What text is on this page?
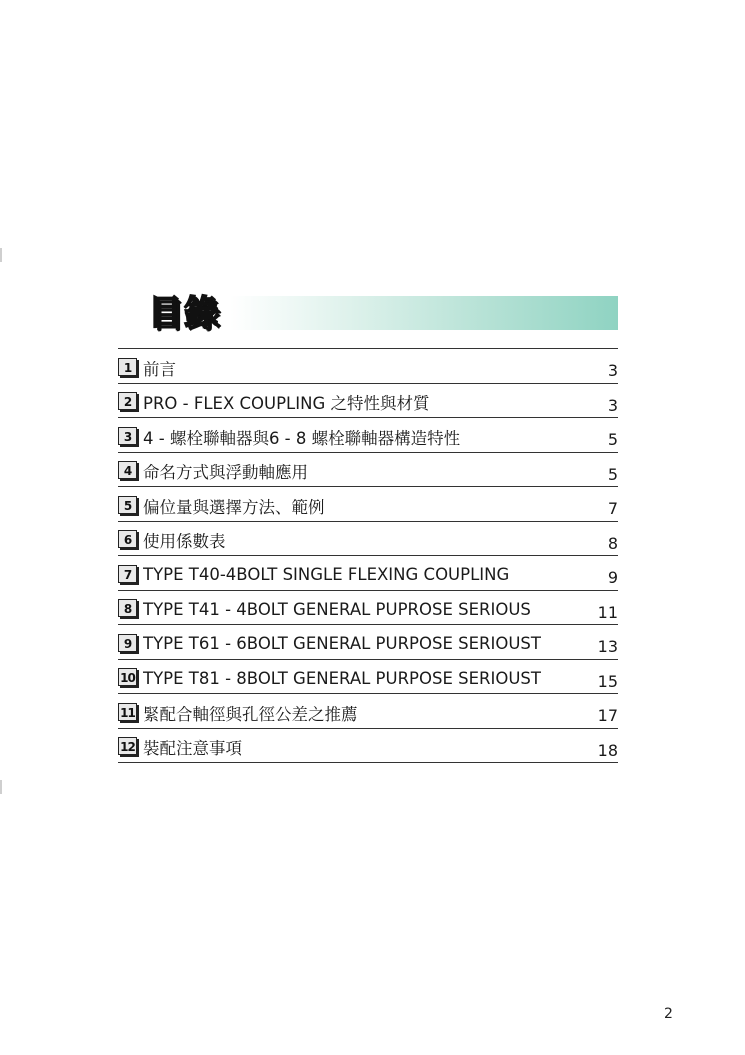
目錄
1 前言	3
2 PRO - FLEX COUPLING 之特性與材質	3
3 4 - 螺栓聯軸器與6 - 8 螺栓聯軸器構造特性	5
4 命名方式與浮動軸應用	5
5 偏位量與選擇方法、範例	7
6 使用係數表	8
7 TYPE T40-4BOLT SINGLE FLEXING COUPLING	9
8 TYPE T41 - 4BOLT GENERAL PUPROSE SERIOUS	11
9 TYPE T61 - 6BOLT GENERAL PURPOSE SERIOUST	13
10 TYPE T81 - 8BOLT GENERAL PURPOSE SERIOUST	15
11 緊配合軸徑與孔徑公差之推薦	17
12 裝配注意事項	18
2
